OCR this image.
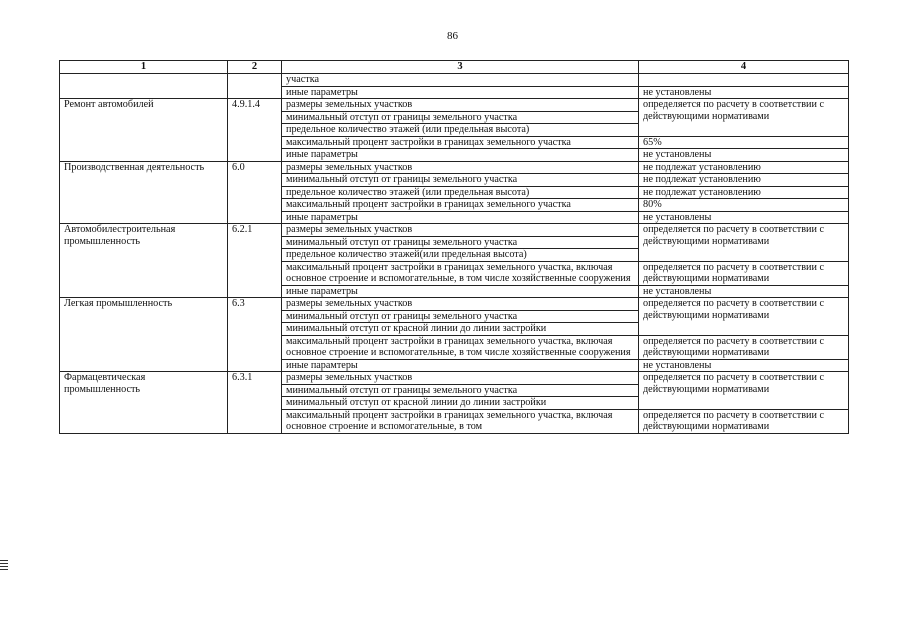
86
1	2	3	4
		участка	
		иные параметры	не установлены
Ремонт автомобилей	4.9.1.4	размеры земельных участков	определяется по расчету в соответствии с действующими нормативами
		минимальный отступ от границы земельного участка	
		предельное количество этажей (или предельная высота)	
		максимальный процент застройки в границах земельного участка	65%
		иные параметры	не установлены
Производственная деятельность	6.0	размеры земельных участков	не подлежат установлению
		минимальный отступ от границы земельного участка	не подлежат установлению
		предельное количество этажей (или предельная высота)	не подлежат установлению
		максимальный процент застройки в границах земельного участка	80%
		иные параметры	не установлены
Автомобилестроительная промышленность	6.2.1	размеры земельных участков	определяется по расчету в соответствии с действующими нормативами
		минимальный отступ от границы земельного участка	
		предельное количество этажей(или предельная высота)	
		максимальный процент застройки в границах земельного участка, включая основное строение и вспомогательные, в том числе хозяйственные сооружения	определяется по расчету в соответствии с действующими нормативами
		иные параметры	не установлены
Легкая промышленность	6.3	размеры земельных участков	определяется по расчету в соответствии с действующими нормативами
		минимальный отступ от границы земельного участка	
		минимальный отступ от красной линии до линии застройки	
		максимальный процент застройки в границах земельного участка, включая основное строение и вспомогательные, в том числе хозяйственные сооружения	определяется по расчету в соответствии с действующими нормативами
		иные парамтеры	не установлены
Фармацевтическая промышленность	6.3.1	размеры земельных участков	определяется по расчету в соответствии с действующими нормативами
		минимальный отступ от границы земельного участка	
		минимальный отступ от красной линии до линии застройки	
		максимальный процент застройки в границах земельного участка, включая основное строение и вспомогательные, в том	определяется по расчету в соответствии с действующими нормативами
